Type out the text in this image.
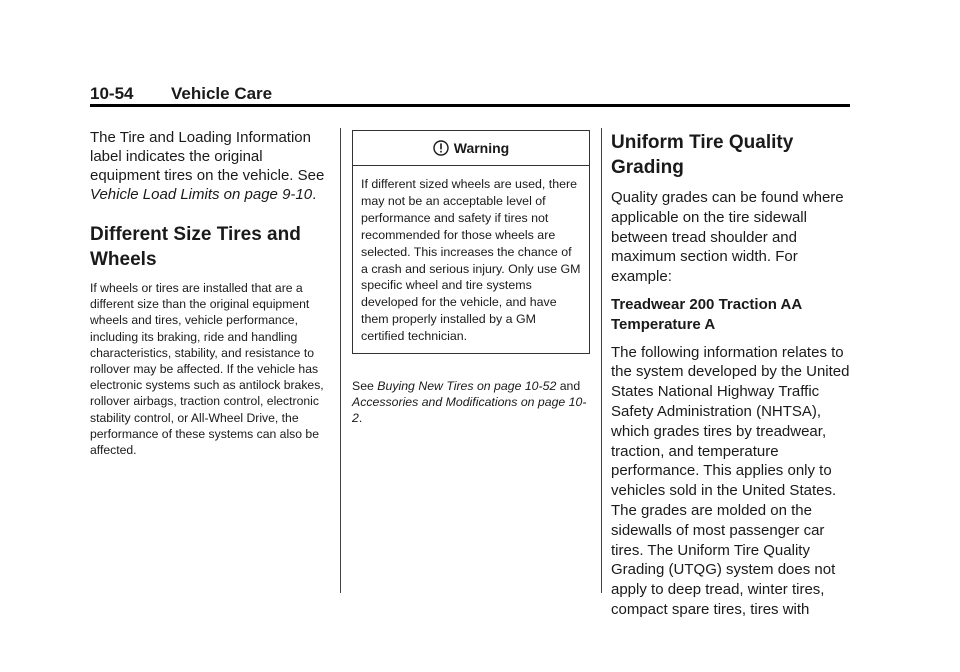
10-54 Vehicle Care

The Tire and Loading Information label indicates the original equipment tires on the vehicle. See Vehicle Load Limits on page 9-10.

Different Size Tires and Wheels

If wheels or tires are installed that are a different size than the original equipment wheels and tires, vehicle performance, including its braking, ride and handling characteristics, stability, and resistance to rollover may be affected. If the vehicle has electronic systems such as antilock brakes, rollover airbags, traction control, electronic stability control, or All-Wheel Drive, the performance of these systems can also be affected.

Warning
If different sized wheels are used, there may not be an acceptable level of performance and safety if tires not recommended for those wheels are selected. This increases the chance of a crash and serious injury. Only use GM specific wheel and tire systems developed for the vehicle, and have them properly installed by a GM certified technician.

See Buying New Tires on page 10-52 and Accessories and Modifications on page 10-2.

Uniform Tire Quality Grading

Quality grades can be found where applicable on the tire sidewall between tread shoulder and maximum section width. For example:

Treadwear 200 Traction AA Temperature A

The following information relates to the system developed by the United States National Highway Traffic Safety Administration (NHTSA), which grades tires by treadwear, traction, and temperature performance. This applies only to vehicles sold in the United States. The grades are molded on the sidewalls of most passenger car tires. The Uniform Tire Quality Grading (UTQG) system does not apply to deep tread, winter tires, compact spare tires, tires with
